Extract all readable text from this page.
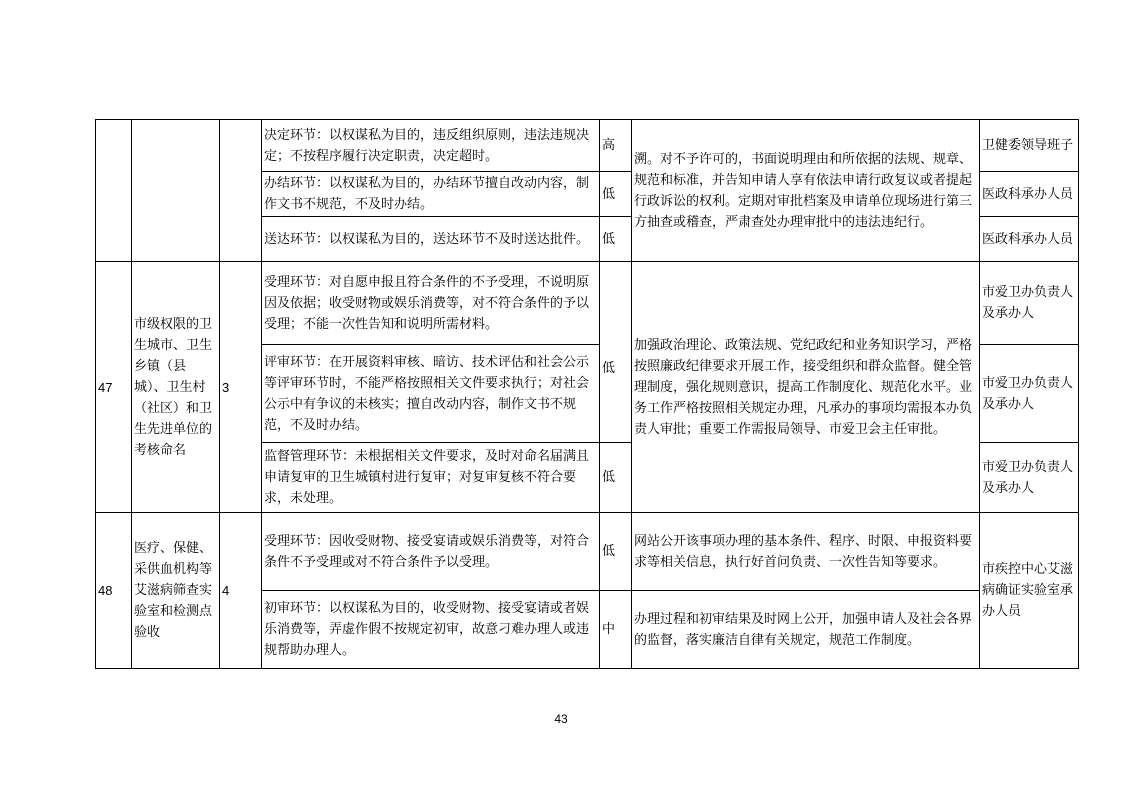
			决定环节：以权谋私为目的，违反组织原则，违法违规决定；不按程序履行决定职责，决定超时。	高	溯。对不予许可的，书面说明理由和所依据的法规、规章、规范和标准，并告知申请人享有依法申请行政复议或者提起行政诉讼的权利。定期对审批档案及申请单位现场进行第三方抽查或稽查，严肃查处办理审批中的违法违纪行。	卫健委领导班子
			办结环节：以权谋私为目的，办结环节擅自改动内容，制作文书不规范，不及时办结。	低		医政科承办人员
			送达环节：以权谋私为目的，送达环节不及时送达批件。	低		医政科承办人员
47	市级权限的卫生城市、卫生乡镇（县城）、卫生村（社区）和卫生先进单位的考核命名	3	受理环节：对自愿申报且符合条件的不予受理，不说明原因及依据；收受财物或娱乐消费等，对不符合条件的予以受理；不能一次性告知和说明所需材料。	低	加强政治理论、政策法规、党纪政纪和业务知识学习，严格按照廉政纪律要求开展工作，接受组织和群众监督。健全管理制度，强化规则意识，提高工作制度化、规范化水平。业务工作严格按照相关规定办理，凡承办的事项均需报本办负责人审批；重要工作需报局领导、市爱卫会主任审批。	市爱卫办负责人及承办人
			评审环节：在开展资料审核、暗访、技术评估和社会公示等评审环节时，不能严格按照相关文件要求执行；对社会公示中有争议的未核实；擅自改动内容，制作文书不规范，不及时办结。			市爱卫办负责人及承办人
			监督管理环节：未根据相关文件要求，及时对命名届满且申请复审的卫生城镇村进行复审；对复审复核不符合要求，未处理。	低		市爱卫办负责人及承办人
48	医疗、保健、采供血机构等艾滋病筛查实验室和检测点验收	4	受理环节：因收受财物、接受宴请或娱乐消费等，对符合条件不予受理或对不符合条件予以受理。	低	网站公开该事项办理的基本条件、程序、时限、申报资料要求等相关信息，执行好首问负责、一次性告知等要求。	市疾控中心艾滋病确证实验室承办人员
			初审环节：以权谋私为目的，收受财物、接受宴请或者娱乐消费等，弄虚作假不按规定初审，故意刁难办理人或违规帮助办理人。	中	办理过程和初审结果及时网上公开，加强申请人及社会各界的监督，落实廉洁自律有关规定，规范工作制度。	
43
